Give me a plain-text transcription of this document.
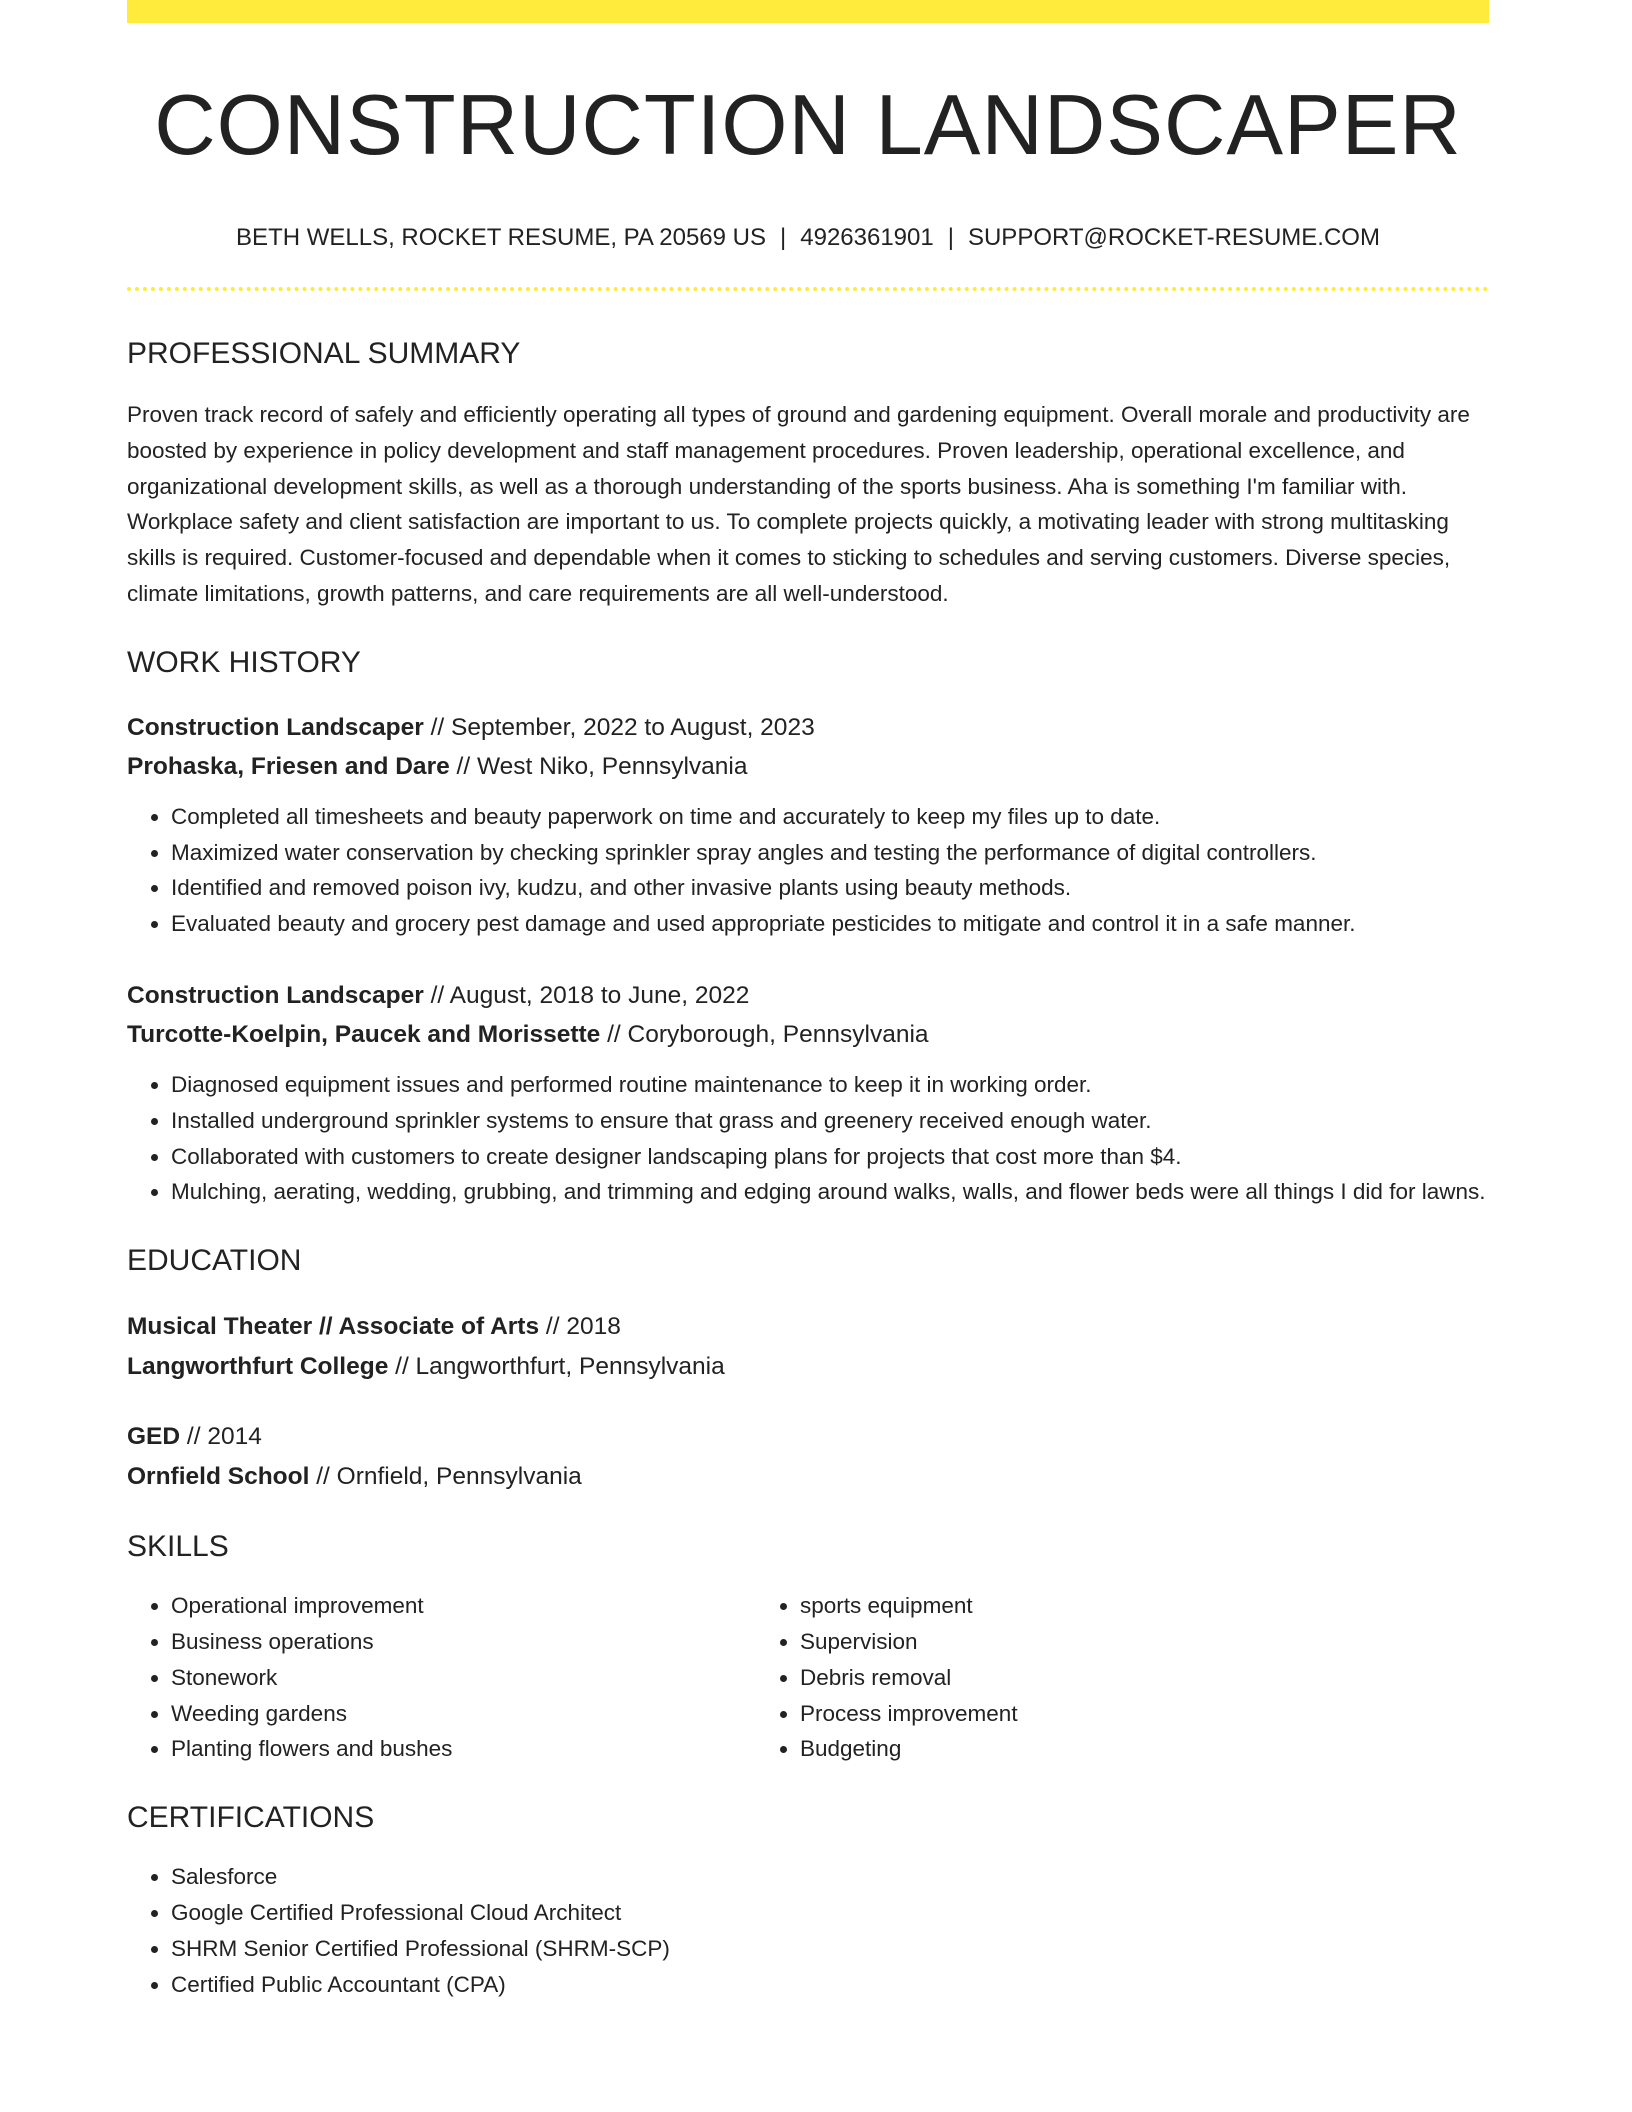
CONSTRUCTION LANDSCAPER
BETH WELLS, ROCKET RESUME, PA 20569 US | 4926361901 | SUPPORT@ROCKET-RESUME.COM
PROFESSIONAL SUMMARY
Proven track record of safely and efficiently operating all types of ground and gardening equipment. Overall morale and productivity are boosted by experience in policy development and staff management procedures. Proven leadership, operational excellence, and organizational development skills, as well as a thorough understanding of the sports business. Aha is something I'm familiar with. Workplace safety and client satisfaction are important to us. To complete projects quickly, a motivating leader with strong multitasking skills is required. Customer-focused and dependable when it comes to sticking to schedules and serving customers. Diverse species, climate limitations, growth patterns, and care requirements are all well-understood.
WORK HISTORY
Construction Landscaper // September, 2022 to August, 2023
Prohaska, Friesen and Dare // West Niko, Pennsylvania
• Completed all timesheets and beauty paperwork on time and accurately to keep my files up to date.
• Maximized water conservation by checking sprinkler spray angles and testing the performance of digital controllers.
• Identified and removed poison ivy, kudzu, and other invasive plants using beauty methods.
• Evaluated beauty and grocery pest damage and used appropriate pesticides to mitigate and control it in a safe manner.
Construction Landscaper // August, 2018 to June, 2022
Turcotte-Koelpin, Paucek and Morissette // Coryborough, Pennsylvania
• Diagnosed equipment issues and performed routine maintenance to keep it in working order.
• Installed underground sprinkler systems to ensure that grass and greenery received enough water.
• Collaborated with customers to create designer landscaping plans for projects that cost more than $4.
• Mulching, aerating, wedding, grubbing, and trimming and edging around walks, walls, and flower beds were all things I did for lawns.
EDUCATION
Musical Theater // Associate of Arts // 2018
Langworthfurt College // Langworthfurt, Pennsylvania
GED // 2014
Ornfield School // Ornfield, Pennsylvania
SKILLS
• Operational improvement
• Business operations
• Stonework
• Weeding gardens
• Planting flowers and bushes
• sports equipment
• Supervision
• Debris removal
• Process improvement
• Budgeting
CERTIFICATIONS
• Salesforce
• Google Certified Professional Cloud Architect
• SHRM Senior Certified Professional (SHRM-SCP)
• Certified Public Accountant (CPA)
